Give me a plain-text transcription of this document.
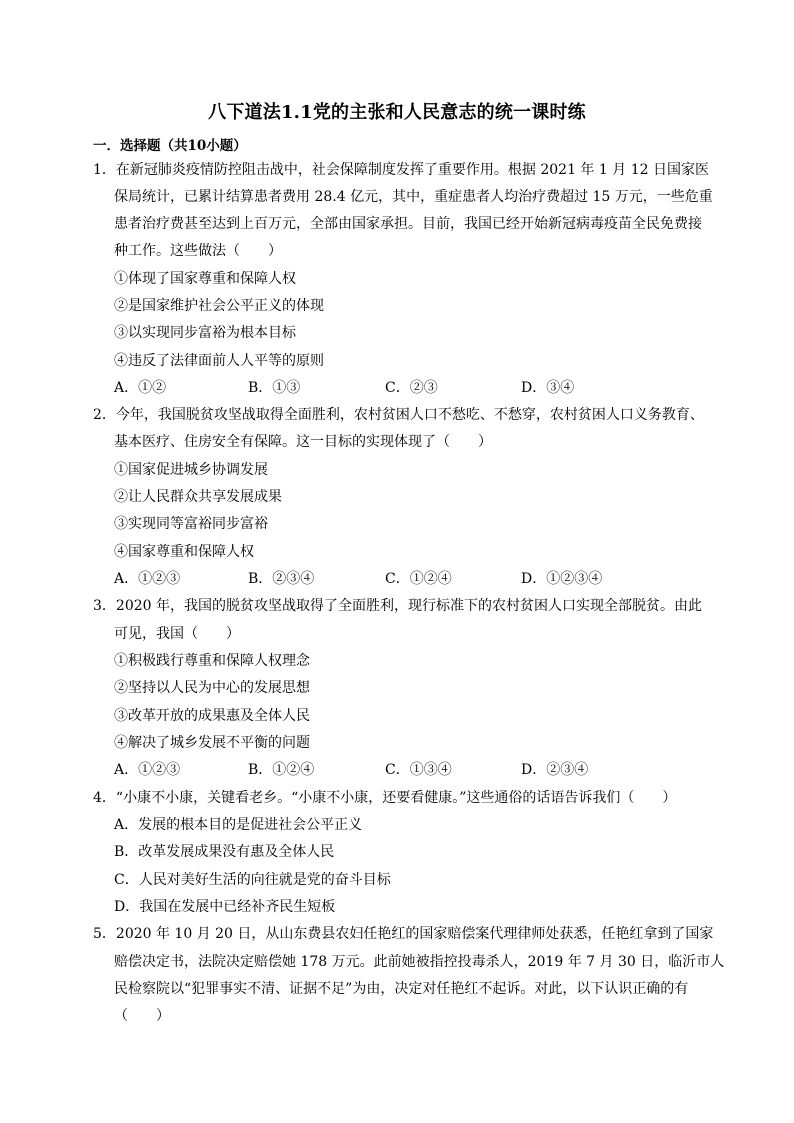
八下道法1.1党的主张和人民意志的统一课时练
一．选择题（共10小题）
1．在新冠肺炎疫情防控阻击战中，社会保障制度发挥了重要作用。根据 2021 年 1 月 12 日国家医
保局统计，已累计结算患者费用 28.4 亿元，其中，重症患者人均治疗费超过 15 万元，一些危重
患者治疗费甚至达到上百万元，全部由国家承担。目前，我国已经开始新冠病毒疫苗全民免费接
种工作。这些做法（　　）
①体现了国家尊重和保障人权
②是国家维护社会公平正义的体现
③以实现同步富裕为根本目标
④违反了法律面前人人平等的原则
A．①②	B．①③	C．②③	D．③④
2．今年，我国脱贫攻坚战取得全面胜利，农村贫困人口不愁吃、不愁穿，农村贫困人口义务教育、
基本医疗、住房安全有保障。这一目标的实现体现了（　　）
①国家促进城乡协调发展
②让人民群众共享发展成果
③实现同等富裕同步富裕
④国家尊重和保障人权
A．①②③	B．②③④	C．①②④	D．①②③④
3．2020 年，我国的脱贫攻坚战取得了全面胜利，现行标准下的农村贫困人口实现全部脱贫。由此
可见，我国（　　）
①积极践行尊重和保障人权理念
②坚持以人民为中心的发展思想
③改革开放的成果惠及全体人民
④解决了城乡发展不平衡的问题
A．①②③	B．①②④	C．①③④	D．②③④
4．“小康不小康，关键看老乡。“小康不小康，还要看健康。”这些通俗的话语告诉我们（　　）
A．发展的根本目的是促进社会公平正义
B．改革发展成果没有惠及全体人民
C．人民对美好生活的向往就是党的奋斗目标
D．我国在发展中已经补齐民生短板
5．2020 年 10 月 20 日，从山东费县农妇任艳红的国家赔偿案代理律师处获悉，任艳红拿到了国家
赔偿决定书，法院决定赔偿她 178 万元。此前她被指控投毒杀人，2019 年 7 月 30 日，临沂市人
民检察院以“犯罪事实不清、证据不足”为由，决定对任艳红不起诉。对此，以下认识正确的有
（　　）
